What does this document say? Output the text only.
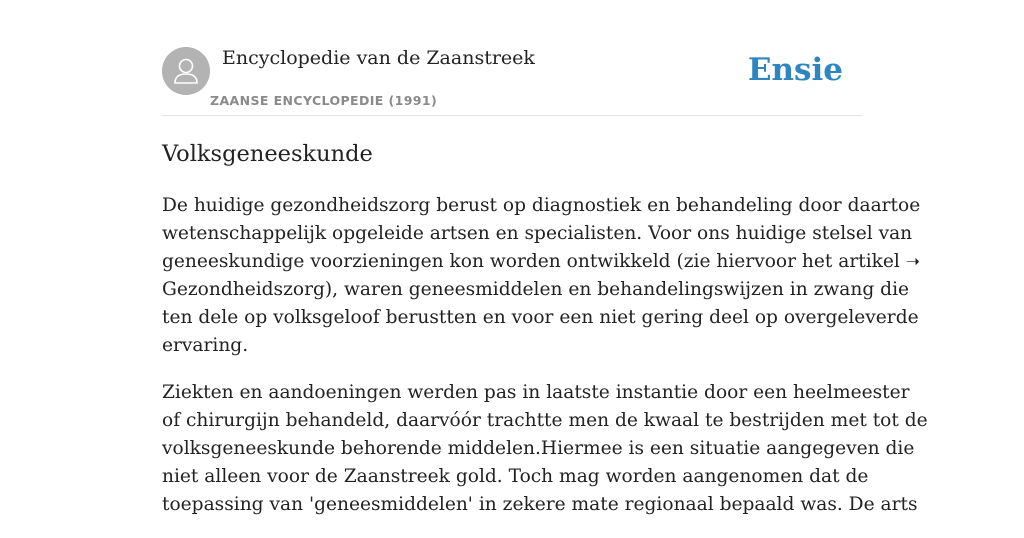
Encyclopedie van de Zaanstreek
ZAANSE ENCYCLOPEDIE (1991)
Ensie
Volksgeneeskunde

De huidige gezondheidszorg berust op diagnostiek en behandeling door daartoe
wetenschappelijk opgeleide artsen en specialisten. Voor ons huidige stelsel van
geneeskundige voorzieningen kon worden ontwikkeld (zie hiervoor het artikel ➝
Gezondheidszorg), waren geneesmiddelen en behandelingswijzen in zwang die
ten dele op volksgeloof berustten en voor een niet gering deel op overgeleverde
ervaring.

Ziekten en aandoeningen werden pas in laatste instantie door een heelmeester
of chirurgijn behandeld, daarvóór trachtte men de kwaal te bestrijden met tot de
volksgeneeskunde behorende middelen.Hiermee is een situatie aangegeven die
niet alleen voor de Zaanstreek gold. Toch mag worden aangenomen dat de
toepassing van 'geneesmiddelen' in zekere mate regionaal bepaald was. De arts
